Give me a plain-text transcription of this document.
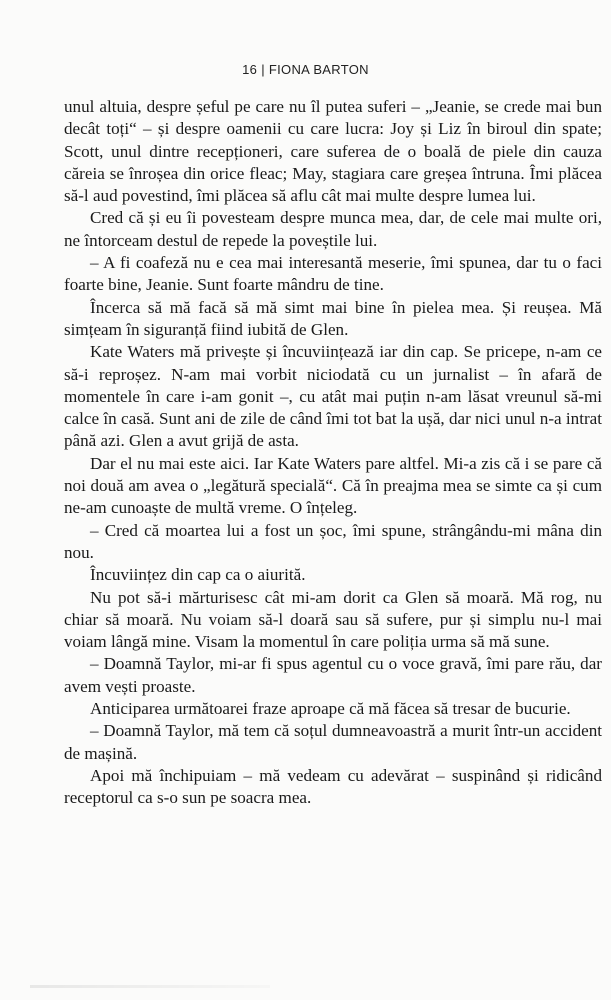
16 | FIONA BARTON

unul altuia, despre șeful pe care nu îl putea suferi – „Jeanie, se crede mai bun decât toți“ – și despre oamenii cu care lucra: Joy și Liz în biroul din spate; Scott, unul dintre recepționeri, care suferea de o boală de piele din cauza căreia se înroșea din orice fleac; May, stagiara care greșea întruna. Îmi plăcea să-l aud povestind, îmi plăcea să aflu cât mai multe despre lumea lui.

Cred că și eu îi povesteam despre munca mea, dar, de cele mai multe ori, ne întorceam destul de repede la poveștile lui.

– A fi coafeză nu e cea mai interesantă meserie, îmi spunea, dar tu o faci foarte bine, Jeanie. Sunt foarte mândru de tine.

Încerca să mă facă să mă simt mai bine în pielea mea. Și reușea. Mă simțeam în siguranță fiind iubită de Glen.

Kate Waters mă privește și încuviințează iar din cap. Se pricepe, n-am ce să-i reproșez. N-am mai vorbit niciodată cu un jurnalist – în afară de momentele în care i-am gonit –, cu atât mai puțin n-am lăsat vreunul să-mi calce în casă. Sunt ani de zile de când îmi tot bat la ușă, dar nici unul n-a intrat până azi. Glen a avut grijă de asta.

Dar el nu mai este aici. Iar Kate Waters pare altfel. Mi-a zis că i se pare că noi două am avea o „legătură specială“. Că în preajma mea se simte ca și cum ne-am cunoaște de multă vreme. O înțeleg.

– Cred că moartea lui a fost un șoc, îmi spune, strângându-mi mâna din nou.

Încuviințez din cap ca o aiurită.

Nu pot să-i mărturisesc cât mi-am dorit ca Glen să moară. Mă rog, nu chiar să moară. Nu voiam să-l doară sau să sufere, pur și simplu nu-l mai voiam lângă mine. Visam la momentul în care poliția urma să mă sune.

– Doamnă Taylor, mi-ar fi spus agentul cu o voce gravă, îmi pare rău, dar avem vești proaste.

Anticiparea următoarei fraze aproape că mă făcea să tresar de bucurie.

– Doamnă Taylor, mă tem că soțul dumneavoastră a murit într-un accident de mașină.

Apoi mă închipuiam – mă vedeam cu adevărat – suspinând și ridicând receptorul ca s-o sun pe soacra mea.
